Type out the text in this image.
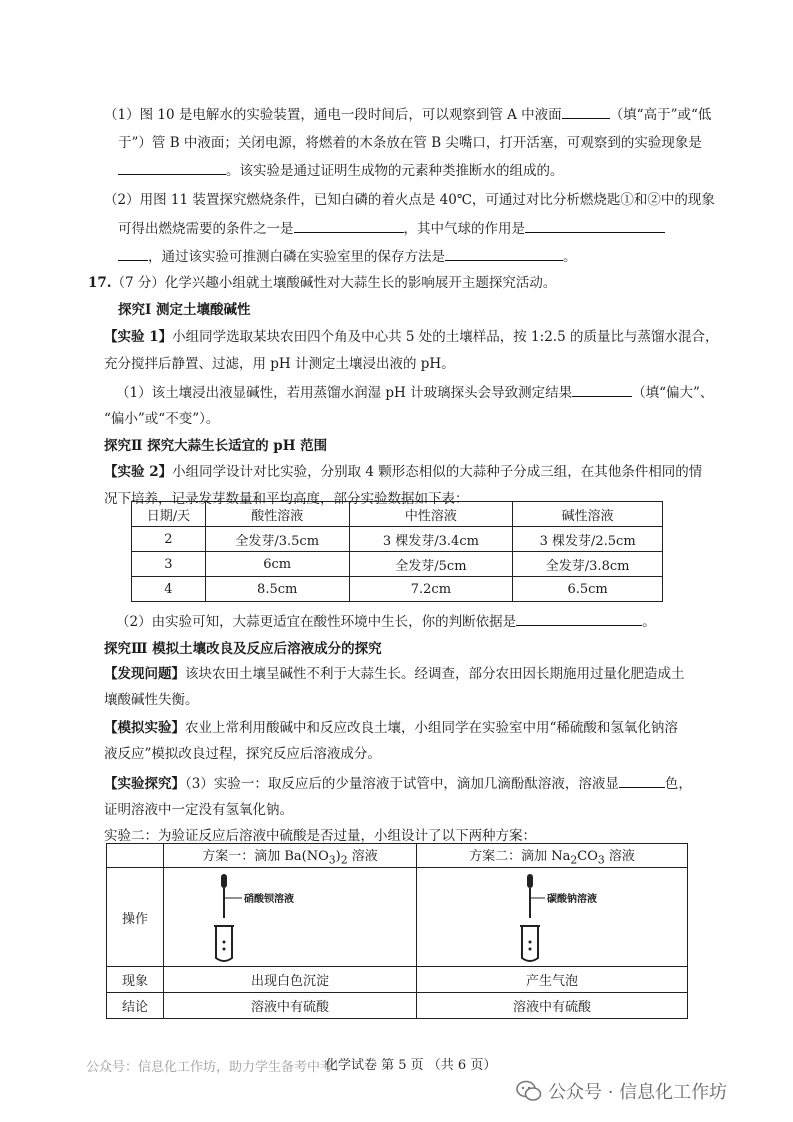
（1）图 10 是电解水的实验装置，通电一段时间后，可以观察到管 A 中液面	（填“高于”或“低
于”）管 B 中液面；关闭电源，将燃着的木条放在管 B 尖嘴口，打开活塞，可观察到的实验现象是
。该实验是通过证明生成物的元素种类推断水的组成的。
（2）用图 11 装置探究燃烧条件，已知白磷的着火点是 40℃，可通过对比分析燃烧匙①和②中的现象
可得出燃烧需要的条件之一是	，其中气球的作用是
，通过该实验可推测白磷在实验室里的保存方法是	。
17.（7 分）化学兴趣小组就土壤酸碱性对大蒜生长的影响展开主题探究活动。
探究Ⅰ 测定土壤酸碱性
【实验 1】小组同学选取某块农田四个角及中心共 5 处的土壤样品，按 1:2.5 的质量比与蒸馏水混合，
充分搅拌后静置、过滤，用 pH 计测定土壤浸出液的 pH。
（1）该土壤浸出液显碱性，若用蒸馏水润湿 pH 计玻璃探头会导致测定结果	（填“偏大”、
“偏小”或“不变”）。
探究Ⅱ 探究大蒜生长适宜的 pH 范围
【实验 2】小组同学设计对比实验，分别取 4 颗形态相似的大蒜种子分成三组，在其他条件相同的情
况下培养，记录发芽数量和平均高度，部分实验数据如下表：
日期/天	酸性溶液	中性溶液	碱性溶液
2	全发芽/3.5cm	3 棵发芽/3.4cm	3 棵发芽/2.5cm
3	6cm	全发芽/5cm	全发芽/3.8cm
4	8.5cm	7.2cm	6.5cm
（2）由实验可知，大蒜更适宜在酸性环境中生长，你的判断依据是	。
探究Ⅲ 模拟土壤改良及反应后溶液成分的探究
【发现问题】该块农田土壤呈碱性不利于大蒜生长。经调查，部分农田因长期施用过量化肥造成土
壤酸碱性失衡。
【模拟实验】农业上常利用酸碱中和反应改良土壤，小组同学在实验室中用“稀硫酸和氢氧化钠溶
液反应”模拟改良过程，探究反应后溶液成分。
【实验探究】（3）实验一：取反应后的少量溶液于试管中，滴加几滴酚酞溶液，溶液显	色，
证明溶液中一定没有氢氧化钠。
实验二：为验证反应后溶液中硫酸是否过量，小组设计了以下两种方案：
	方案一：滴加 $Ba(NO_3)_2$ 溶液	方案二：滴加 $Na_2CO_3$ 溶液
操作	硝酸钡溶液	碳酸钠溶液

现象	出现白色沉淀	产生气泡
结论	溶液中有硫酸	溶液中有硫酸
公众号：信息化工作坊，助力学生备考中考！
化学试卷 第 5 页 （共 6 页）
公众号 · 信息化工作坊
